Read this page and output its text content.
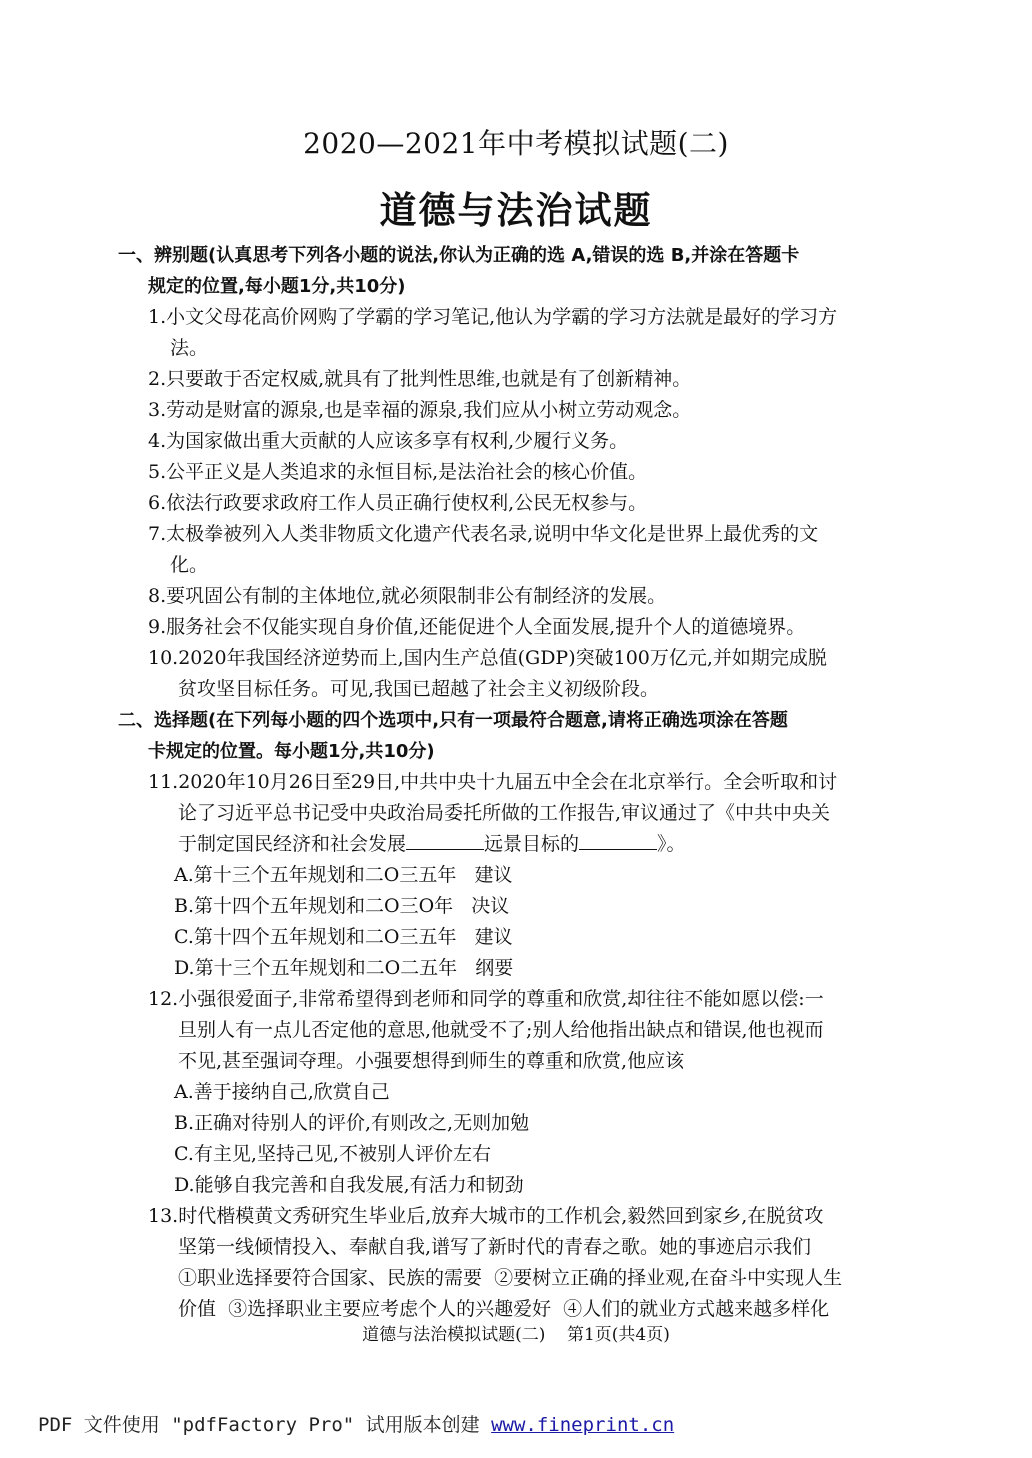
2020—2021年中考模拟试题(二)
道德与法治试题
一、辨别题(认真思考下列各小题的说法,你认为正确的选 A,错误的选 B,并涂在答题卡
规定的位置,每小题1分,共10分)
1.小文父母花高价网购了学霸的学习笔记,他认为学霸的学习方法就是最好的学习方
法。
2.只要敢于否定权威,就具有了批判性思维,也就是有了创新精神。
3.劳动是财富的源泉,也是幸福的源泉,我们应从小树立劳动观念。
4.为国家做出重大贡献的人应该多享有权利,少履行义务。
5.公平正义是人类追求的永恒目标,是法治社会的核心价值。
6.依法行政要求政府工作人员正确行使权利,公民无权参与。
7.太极拳被列入人类非物质文化遗产代表名录,说明中华文化是世界上最优秀的文
化。
8.要巩固公有制的主体地位,就必须限制非公有制经济的发展。
9.服务社会不仅能实现自身价值,还能促进个人全面发展,提升个人的道德境界。
10.2020年我国经济逆势而上,国内生产总值(GDP)突破100万亿元,并如期完成脱
贫攻坚目标任务。可见,我国已超越了社会主义初级阶段。
二、选择题(在下列每小题的四个选项中,只有一项最符合题意,请将正确选项涂在答题
卡规定的位置。每小题1分,共10分)
11.2020年10月26日至29日,中共中央十九届五中全会在北京举行。全会听取和讨
论了习近平总书记受中央政治局委托所做的工作报告,审议通过了《中共中央关
于制定国民经济和社会发展	远景目标的	》。
A.第十三个五年规划和二O三五年   建议
B.第十四个五年规划和二O三O年   决议
C.第十四个五年规划和二O三五年   建议
D.第十三个五年规划和二O二五年   纲要
12.小强很爱面子,非常希望得到老师和同学的尊重和欣赏,却往往不能如愿以偿:一
旦别人有一点儿否定他的意思,他就受不了;别人给他指出缺点和错误,他也视而
不见,甚至强词夺理。小强要想得到师生的尊重和欣赏,他应该
A.善于接纳自己,欣赏自己
B.正确对待别人的评价,有则改之,无则加勉
C.有主见,坚持己见,不被别人评价左右
D.能够自我完善和自我发展,有活力和韧劲
13.时代楷模黄文秀研究生毕业后,放弃大城市的工作机会,毅然回到家乡,在脱贫攻
坚第一线倾情投入、奉献自我,谱写了新时代的青春之歌。她的事迹启示我们
①职业选择要符合国家、民族的需要  ②要树立正确的择业观,在奋斗中实现人生
价值  ③选择职业主要应考虑个人的兴趣爱好  ④人们的就业方式越来越多样化
道德与法治模拟试题(二)    第1页(共4页)
PDF 文件使用 "pdfFactory Pro" 试用版本创建 www.fineprint.cn
